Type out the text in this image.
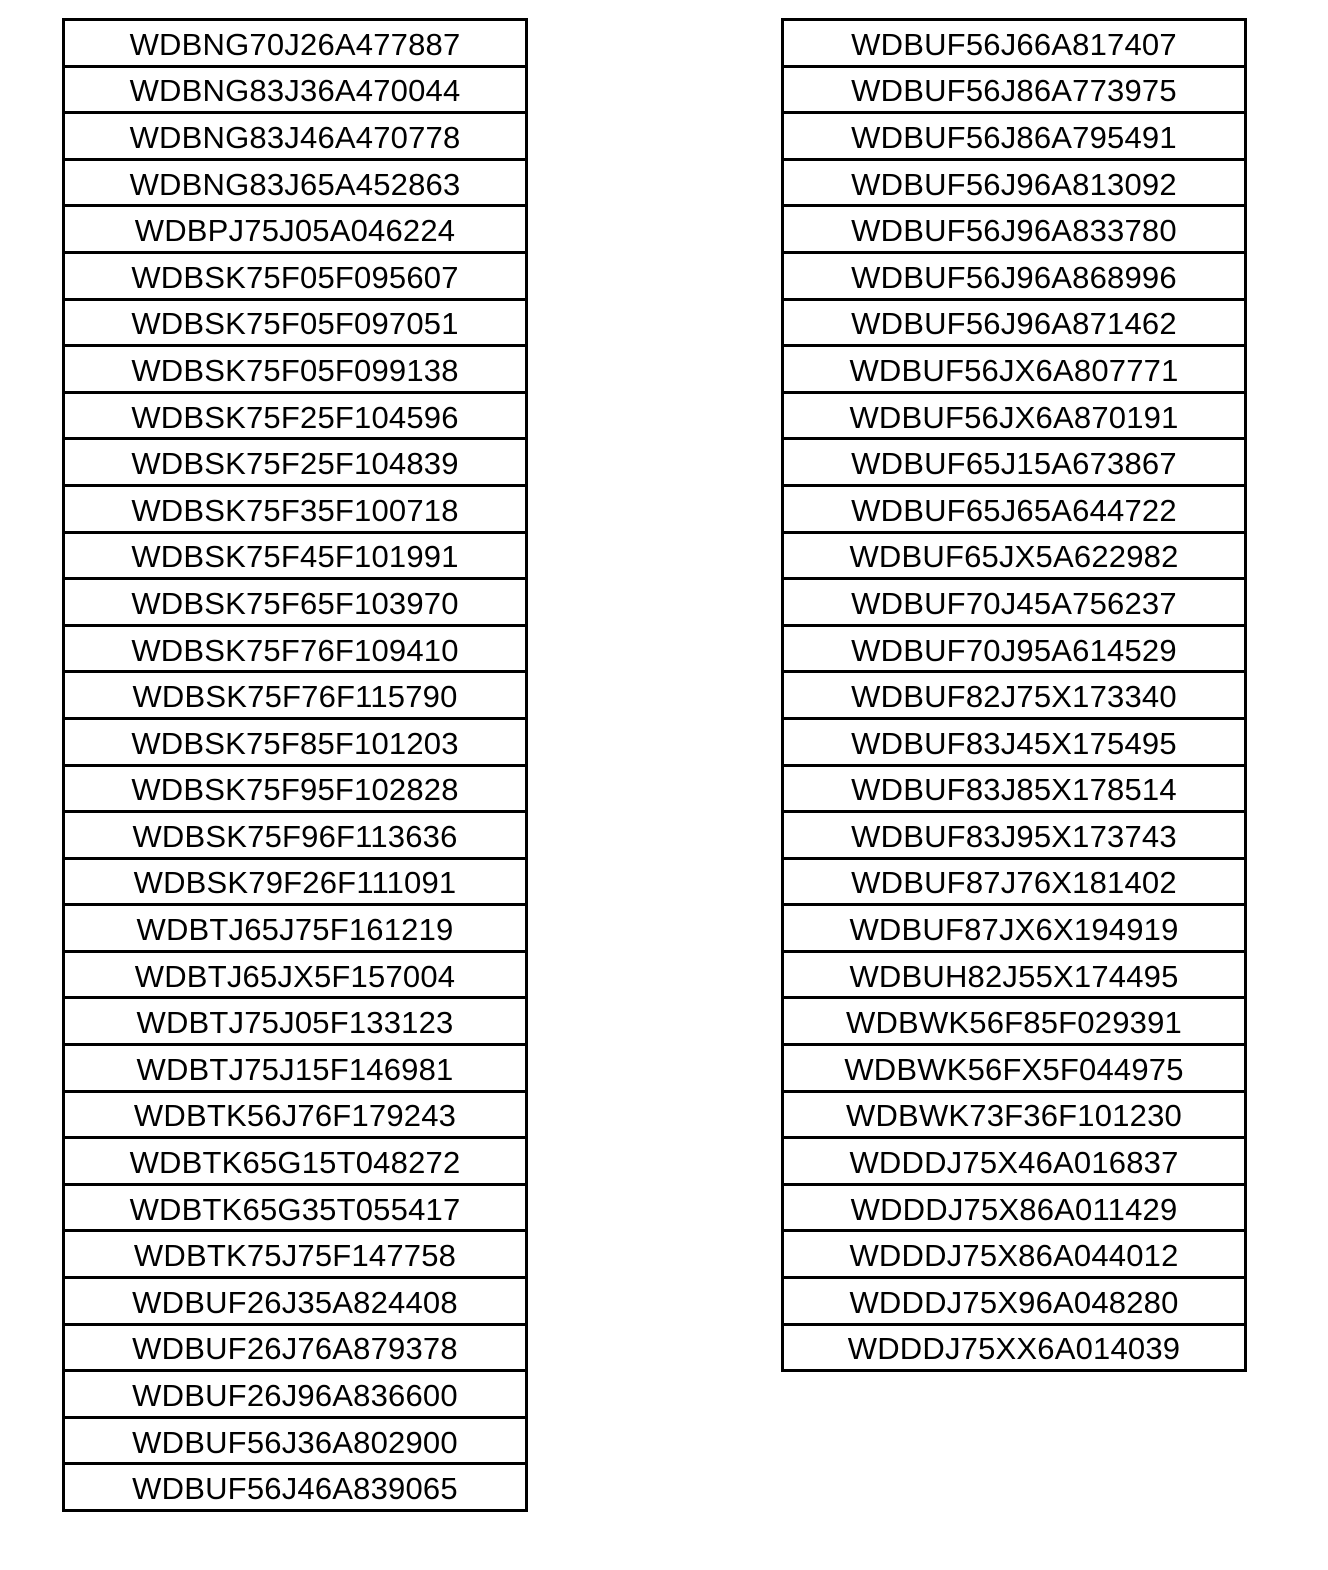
WDBNG70J26A477887
WDBNG83J36A470044
WDBNG83J46A470778
WDBNG83J65A452863
WDBPJ75J05A046224
WDBSK75F05F095607
WDBSK75F05F097051
WDBSK75F05F099138
WDBSK75F25F104596
WDBSK75F25F104839
WDBSK75F35F100718
WDBSK75F45F101991
WDBSK75F65F103970
WDBSK75F76F109410
WDBSK75F76F115790
WDBSK75F85F101203
WDBSK75F95F102828
WDBSK75F96F113636
WDBSK79F26F111091
WDBTJ65J75F161219
WDBTJ65JX5F157004
WDBTJ75J05F133123
WDBTJ75J15F146981
WDBTK56J76F179243
WDBTK65G15T048272
WDBTK65G35T055417
WDBTK75J75F147758
WDBUF26J35A824408
WDBUF26J76A879378
WDBUF26J96A836600
WDBUF56J36A802900
WDBUF56J46A839065
WDBUF56J66A817407
WDBUF56J86A773975
WDBUF56J86A795491
WDBUF56J96A813092
WDBUF56J96A833780
WDBUF56J96A868996
WDBUF56J96A871462
WDBUF56JX6A807771
WDBUF56JX6A870191
WDBUF65J15A673867
WDBUF65J65A644722
WDBUF65JX5A622982
WDBUF70J45A756237
WDBUF70J95A614529
WDBUF82J75X173340
WDBUF83J45X175495
WDBUF83J85X178514
WDBUF83J95X173743
WDBUF87J76X181402
WDBUF87JX6X194919
WDBUH82J55X174495
WDBWK56F85F029391
WDBWK56FX5F044975
WDBWK73F36F101230
WDDDJ75X46A016837
WDDDJ75X86A011429
WDDDJ75X86A044012
WDDDJ75X96A048280
WDDDJ75XX6A014039
